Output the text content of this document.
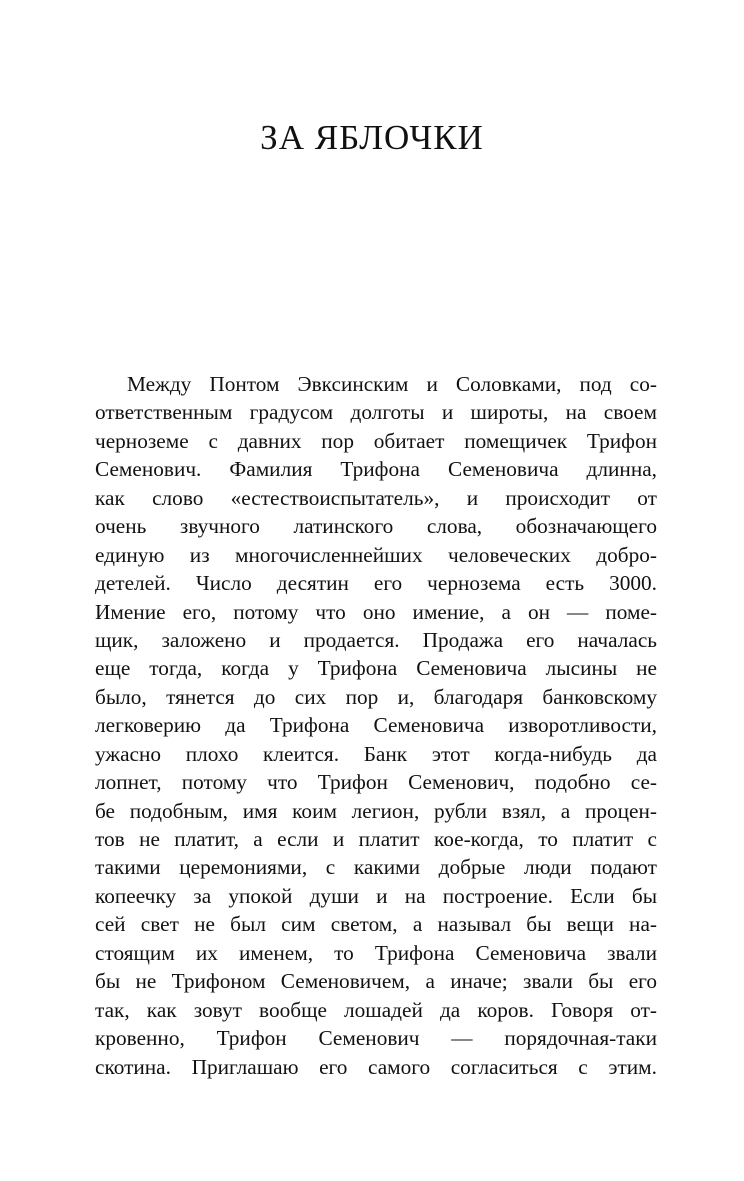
ЗА ЯБЛОЧКИ
Между Понтом Эвксинским и Соловками, под со-
ответственным градусом долготы и широты, на своем
черноземе с давних пор обитает помещичек Трифон
Семенович. Фамилия Трифона Семеновича длинна,
как слово «естествоиспытатель», и происходит от
очень звучного латинского слова, обозначающего
единую из многочисленнейших человеческих добро-
детелей. Число десятин его чернозема есть 3000.
Имение его, потому что оно имение, а он — поме-
щик, заложено и продается. Продажа его началась
еще тогда, когда у Трифона Семеновича лысины не
было, тянется до сих пор и, благодаря банковскому
легковерию да Трифона Семеновича изворотливости,
ужасно плохо клеится. Банк этот когда-нибудь да
лопнет, потому что Трифон Семенович, подобно се-
бе подобным, имя коим легион, рубли взял, а процен-
тов не платит, а если и платит кое-когда, то платит с
такими церемониями, с какими добрые люди подают
копеечку за упокой души и на построение. Если бы
сей свет не был сим светом, а называл бы вещи на-
стоящим их именем, то Трифона Семеновича звали
бы не Трифоном Семеновичем, а иначе; звали бы его
так, как зовут вообще лошадей да коров. Говоря от-
кровенно, Трифон Семенович — порядочная-таки
скотина. Приглашаю его самого согласиться с этим.
